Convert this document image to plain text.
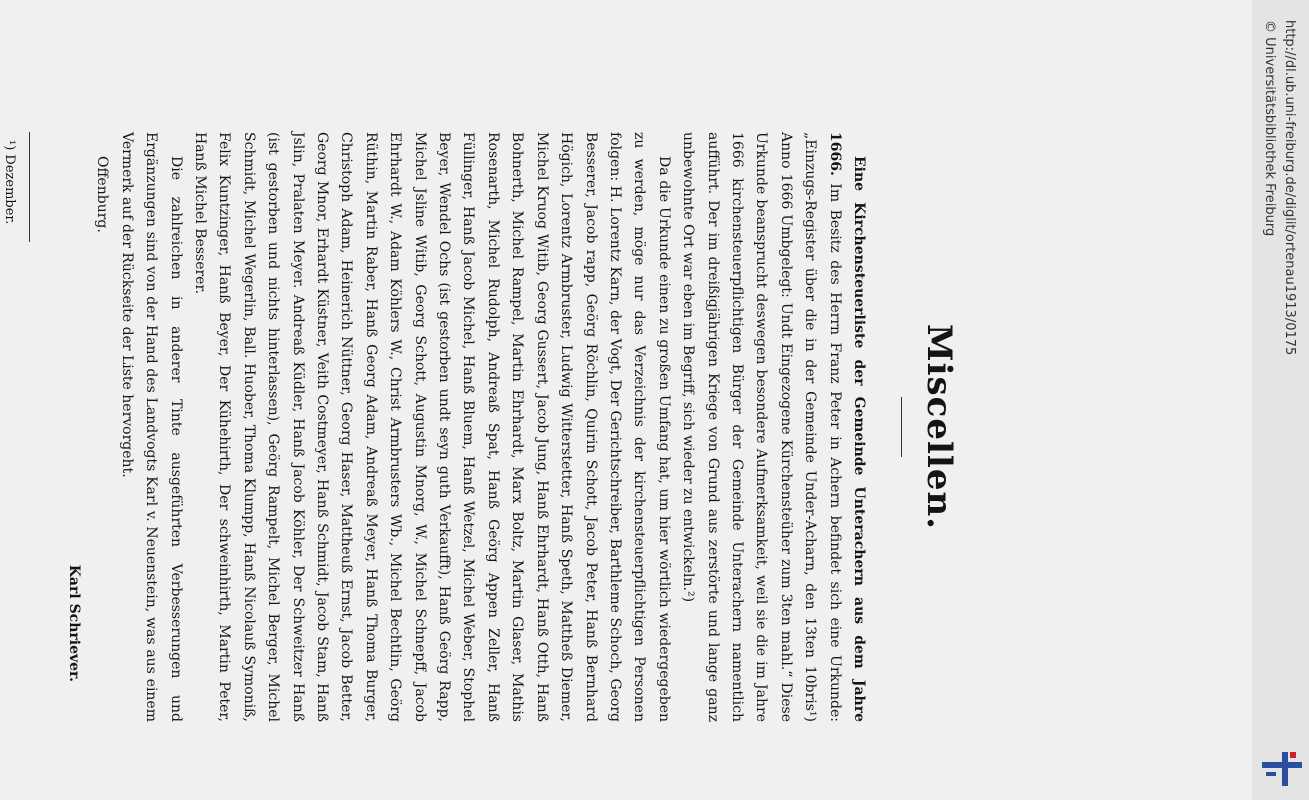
Miscellen.

Eine Kirchensteuerliste der Gemeinde Unterachern aus dem Jahre 1666. Im Besitz des Herrn Franz Peter in Achern befindet sich eine Urkunde: „Einzugs-Register über die in der Gemeinde Under-Acharn, den 13ten 10bris¹) Anno 1666 Umbgelegt: Undt Eingezogene Kürchensteüher zum 3ten mahl.“ Diese Urkunde beansprucht deswegen besondere Aufmerksamkeit, weil sie die im Jahre 1666 kirchensteuerpflichtigen Bürger der Gemeinde Unterachern namentlich aufführt. Der im dreißigjährigen Kriege von Grund aus zerstörte und lange ganz unbewohnte Ort war eben im Begriff, sich wieder zu entwickeln.²)

Da die Urkunde einen zu großen Umfang hat, um hier wörtlich wiedergegeben zu werden, möge nur das Verzeichnis der kirchensteuerpflichtigen Personen folgen: H. Lorentz Karn, der Vogt, Der Gerichtschreiber, Barthleme Schoch, Georg Besserer, Jacob rapp, Geörg Röchlin, Quirin Schott, Jacob Peter, Hanß Bernhard Högich, Lorentz Armbruster, Ludwig Witterstetter, Hanß Speth, Mattheß Diemer, Michel Kruog Witib, Georg Gussert, Jacob Jung, Hanß Ehrhardt, Hanß Otth, Hanß Bohnerth, Michel Rampel, Martin Ehrhardt, Marx Boltz, Martin Glaser, Mathis Rosenarth, Michel Rudolph, Andreaß Spat, Hanß Geörg Appen Zeller, Hanß Füllinger, Hanß Jacob Michel, Hanß Bluem, Hanß Wetzel, Michel Weber, Stophel Beyer, Wendel Ochs (ist gestorben undt seyn guth Verkaufft), Hanß Geörg Rapp, Michel Jsline Witib, Georg Schott, Augustin Mnorg, W., Michel Schnepff, Jacob Ehrhardt W., Adam Köhlers W., Christ Armbrusters Wb., Michel Bechtlin, Geörg Rüthin, Martin Raber, Hanß Georg Adam, Andreaß Meyer, Hanß Thoma Burger, Christoph Adam, Heinerich Nüttner, Georg Haser, Mattheuß Ernst, Jacob Better, Georg Mnor, Erhardt Küstner, Veith Costmeyer, Hanß Schmidt, Jacob Stam, Hanß Jslin, Pralaten Meyer. Andreaß Küdler, Hanß Jacob Köhler, Der Schweitzer Hanß (ist gestorben und nichts hinterlassen), Geörg Rampelt, Michel Berger, Michel Schmidt, Michel Wegerlin, Ball. Huober, Thoma Klumpp, Hanß Nicolauß Symoniß, Felix Kuntzinger, Hanß Beyer, Der Kühehirth, Der schweinhirth, Martin Peter, Hanß Michel Besserer.

Die zahlreichen in anderer Tinte ausgeführten Verbesserungen und Ergänzungen sind von der Hand des Landvogts Karl v. Neuenstein, was aus einem Vermerk auf der Rückseite der Liste hervorgeht.

Offenburg.

Karl Schriever.

¹) Dezember.	http://dl.ub.uni-freiburg.de/diglit/ortenau1913/0175
© Universitätsbibliothek Freiburg
